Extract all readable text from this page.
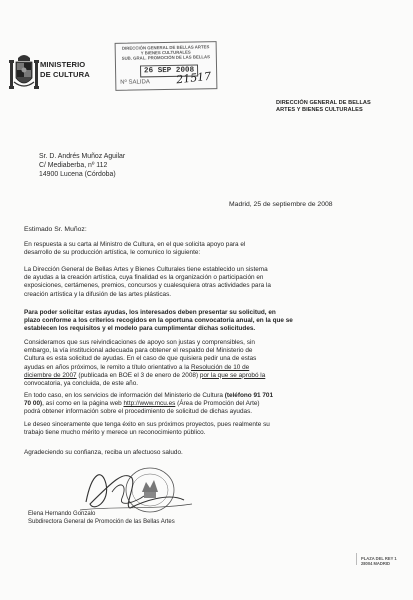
MINISTERIO
DE CULTURA
DIRECCIÓN GENERAL DE BELLAS
ARTES Y BIENES CULTURALES
DIRECCIÓN GENERAL DE BELLAS ARTES
Y BIENES CULTURALES
SUB. GRAL. PROMOCIÓN DE LAS BELLAS
26 SEP 2008
Nº SALIDA 21517
Sr. D. Andrés Muñoz Aguilar
C/ Mediaberba, nº 112
14900 Lucena (Córdoba)
Madrid, 25 de septiembre de 2008
Estimado Sr. Muñoz:
En respuesta a su carta al Ministro de Cultura, en el que solicita apoyo para el
desarrollo de su producción artística, le comunico lo siguiente:
La Dirección General de Bellas Artes y Bienes Culturales tiene establecido un sistema
de ayudas a la creación artística, cuya finalidad es la organización o participación en
exposiciones, certámenes, premios, concursos y cualesquiera otras actividades para la
creación artística y la difusión de las artes plásticas.
Para poder solicitar estas ayudas, los interesados deben presentar su solicitud, en
plazo conforme a los criterios recogidos en la oportuna convocatoria anual, en la que se
establecen los requisitos y el modelo para cumplimentar dichas solicitudes.
Consideramos que sus reivindicaciones de apoyo son justas y comprensibles, sin
embargo, la vía institucional adecuada para obtener el respaldo del Ministerio de
Cultura es esta solicitud de ayudas. En el caso de que quisiera pedir una de estas
ayudas en años próximos, le remito a título orientativo a la Resolución de 10 de
diciembre de 2007 (publicada en BOE el 3 de enero de 2008) por la que se aprobó la
convocatoria, ya concluida, de este año.
En todo caso, en los servicios de información del Ministerio de Cultura (teléfono 91 701
70 00), así como en la página web http://www.mcu.es (Área de Promoción del Arte)
podrá obtener información sobre el procedimiento de solicitud de dichas ayudas.
Le deseo sinceramente que tenga éxito en sus próximos proyectos, pues realmente su
trabajo tiene mucho mérito y merece un reconocimiento público.
Agradeciendo su confianza, reciba un afectuoso saludo.
Elena Hernando Gonzalo
Subdirectora General de Promoción de las Bellas Artes
PLAZA DEL REY 1
28004 MADRID
